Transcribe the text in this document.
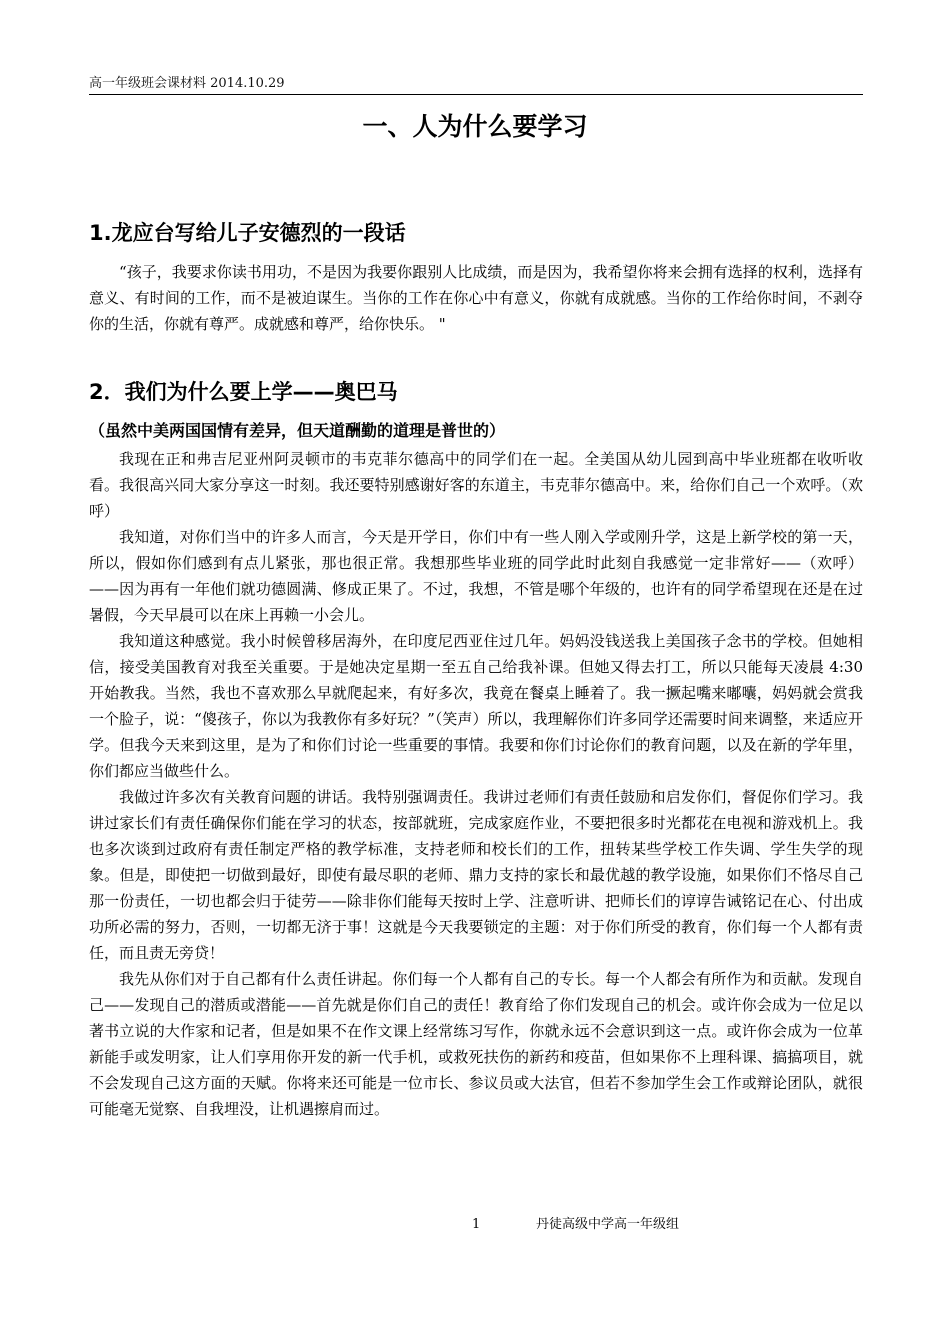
高一年级班会课材料 2014.10.29
一、人为什么要学习
1.龙应台写给儿子安德烈的一段话

“孩子，我要求你读书用功，不是因为我要你跟别人比成绩，而是因为，我希望你将来会拥有选择的权利，选择有意义、有时间的工作，而不是被迫谋生。当你的工作在你心中有意义，你就有成就感。当你的工作给你时间，不剥夺你的生活，你就有尊严。成就感和尊严，给你快乐。 "

2．我们为什么要上学——奥巴马
（虽然中美两国国情有差异，但天道酬勤的道理是普世的）

我现在正和弗吉尼亚州阿灵顿市的韦克菲尔德高中的同学们在一起。全美国从幼儿园到高中毕业班都在收听收看。我很高兴同大家分享这一时刻。我还要特别感谢好客的东道主，韦克菲尔德高中。来，给你们自己一个欢呼。（欢呼）

我知道，对你们当中的许多人而言，今天是开学日，你们中有一些人刚入学或刚升学，这是上新学校的第一天，所以，假如你们感到有点儿紧张，那也很正常。我想那些毕业班的同学此时此刻自我感觉一定非常好——（欢呼）——因为再有一年他们就功德圆满、修成正果了。不过，我想，不管是哪个年级的，也许有的同学希望现在还是在过暑假，今天早晨可以在床上再赖一小会儿。

我知道这种感觉。我小时候曾移居海外，在印度尼西亚住过几年。妈妈没钱送我上美国孩子念书的学校。但她相信，接受美国教育对我至关重要。于是她决定星期一至五自己给我补课。但她又得去打工，所以只能每天凌晨 4:30 开始教我。当然，我也不喜欢那么早就爬起来，有好多次，我竟在餐桌上睡着了。我一撅起嘴来嘟囔，妈妈就会赏我一个脸子，说：“傻孩子，你以为我教你有多好玩？”（笑声）所以，我理解你们许多同学还需要时间来调整，来适应开学。但我今天来到这里，是为了和你们讨论一些重要的事情。我要和你们讨论你们的教育问题，以及在新的学年里，你们都应当做些什么。

我做过许多次有关教育问题的讲话。我特别强调责任。我讲过老师们有责任鼓励和启发你们，督促你们学习。我讲过家长们有责任确保你们能在学习的状态，按部就班，完成家庭作业，不要把很多时光都花在电视和游戏机上。我也多次谈到过政府有责任制定严格的教学标准，支持老师和校长们的工作，扭转某些学校工作失调、学生失学的现象。但是，即使把一切做到最好，即使有最尽职的老师、鼎力支持的家长和最优越的教学设施，如果你们不恪尽自己那一份责任，一切也都会归于徒劳——除非你们能每天按时上学、注意听讲、把师长们的谆谆告诫铭记在心、付出成功所必需的努力，否则，一切都无济于事！这就是今天我要锁定的主题：对于你们所受的教育，你们每一个人都有责任，而且责无旁贷！

我先从你们对于自己都有什么责任讲起。你们每一个人都有自己的专长。每一个人都会有所作为和贡献。发现自己——发现自己的潜质或潜能——首先就是你们自己的责任！教育给了你们发现自己的机会。或许你会成为一位足以著书立说的大作家和记者，但是如果不在作文课上经常练习写作，你就永远不会意识到这一点。或许你会成为一位革新能手或发明家，让人们享用你开发的新一代手机，或救死扶伤的新药和疫苗，但如果你不上理科课、搞搞项目，就不会发现自己这方面的天赋。你将来还可能是一位市长、参议员或大法官，但若不参加学生会工作或辩论团队，就很可能毫无觉察、自我埋没，让机遇擦肩而过。

1	丹徒高级中学高一年级组
